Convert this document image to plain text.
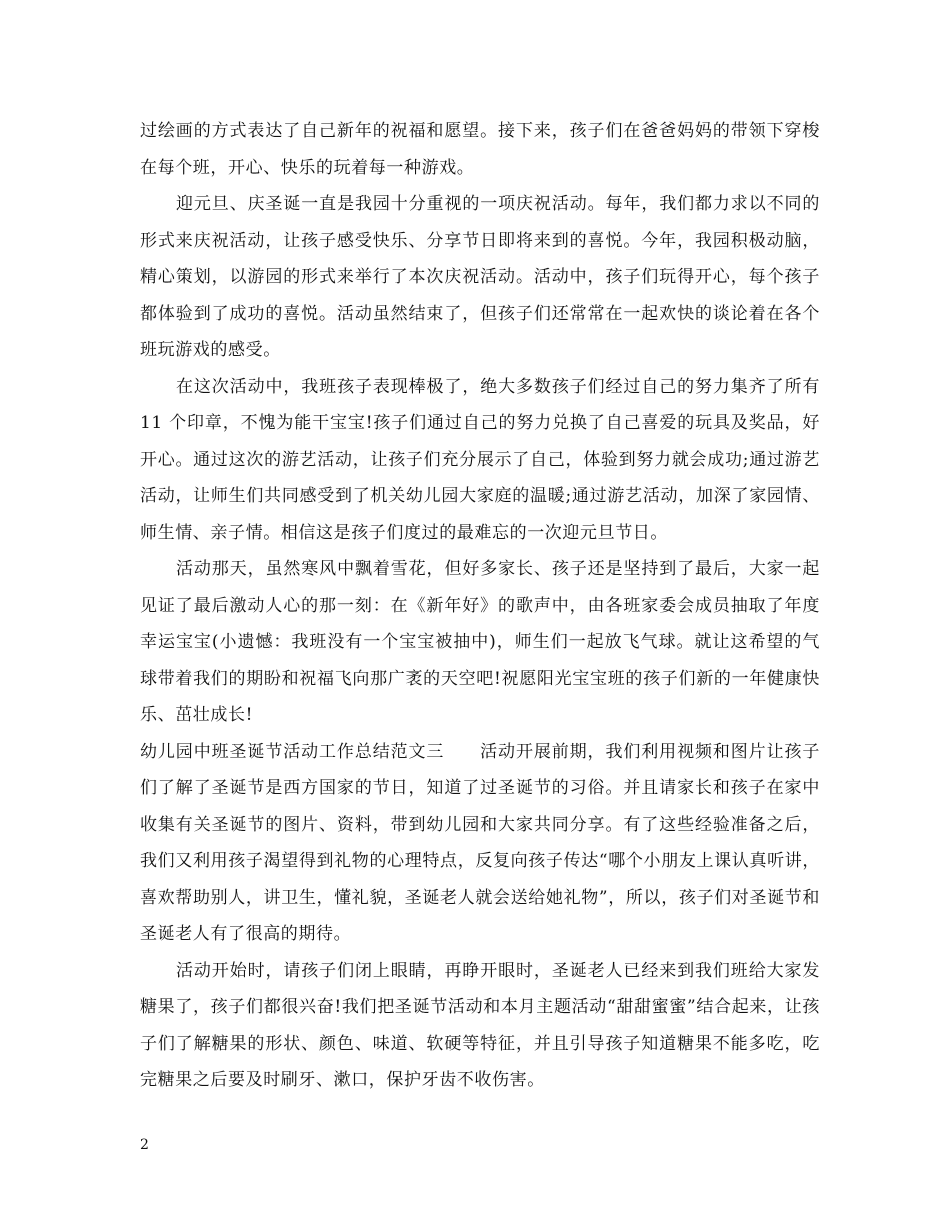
过绘画的方式表达了自己新年的祝福和愿望。接下来，孩子们在爸爸妈妈的带领下穿梭在每个班，开心、快乐的玩着每一种游戏。

迎元旦、庆圣诞一直是我园十分重视的一项庆祝活动。每年，我们都力求以不同的形式来庆祝活动，让孩子感受快乐、分享节日即将来到的喜悦。今年，我园积极动脑，精心策划，以游园的形式来举行了本次庆祝活动。活动中，孩子们玩得开心，每个孩子都体验到了成功的喜悦。活动虽然结束了，但孩子们还常常在一起欢快的谈论着在各个班玩游戏的感受。

在这次活动中，我班孩子表现棒极了，绝大多数孩子们经过自己的努力集齐了所有 11 个印章，不愧为能干宝宝!孩子们通过自己的努力兑换了自己喜爱的玩具及奖品，好开心。通过这次的游艺活动，让孩子们充分展示了自己，体验到努力就会成功;通过游艺活动，让师生们共同感受到了机关幼儿园大家庭的温暖;通过游艺活动，加深了家园情、师生情、亲子情。相信这是孩子们度过的最难忘的一次迎元旦节日。

活动那天，虽然寒风中飘着雪花，但好多家长、孩子还是坚持到了最后，大家一起见证了最后激动人心的那一刻：在《新年好》的歌声中，由各班家委会成员抽取了年度幸运宝宝(小遗憾：我班没有一个宝宝被抽中)，师生们一起放飞气球。就让这希望的气球带着我们的期盼和祝福飞向那广袤的天空吧!祝愿阳光宝宝班的孩子们新的一年健康快乐、茁壮成长!

幼儿园中班圣诞节活动工作总结范文三　　活动开展前期，我们利用视频和图片让孩子们了解了圣诞节是西方国家的节日，知道了过圣诞节的习俗。并且请家长和孩子在家中收集有关圣诞节的图片、资料，带到幼儿园和大家共同分享。有了这些经验准备之后，我们又利用孩子渴望得到礼物的心理特点，反复向孩子传达“哪个小朋友上课认真听讲，喜欢帮助别人，讲卫生，懂礼貌，圣诞老人就会送给她礼物”，所以，孩子们对圣诞节和圣诞老人有了很高的期待。

活动开始时，请孩子们闭上眼睛，再睁开眼时，圣诞老人已经来到我们班给大家发糖果了，孩子们都很兴奋!我们把圣诞节活动和本月主题活动“甜甜蜜蜜”结合起来，让孩子们了解糖果的形状、颜色、味道、软硬等特征，并且引导孩子知道糖果不能多吃，吃完糖果之后要及时刷牙、漱口，保护牙齿不收伤害。

2
